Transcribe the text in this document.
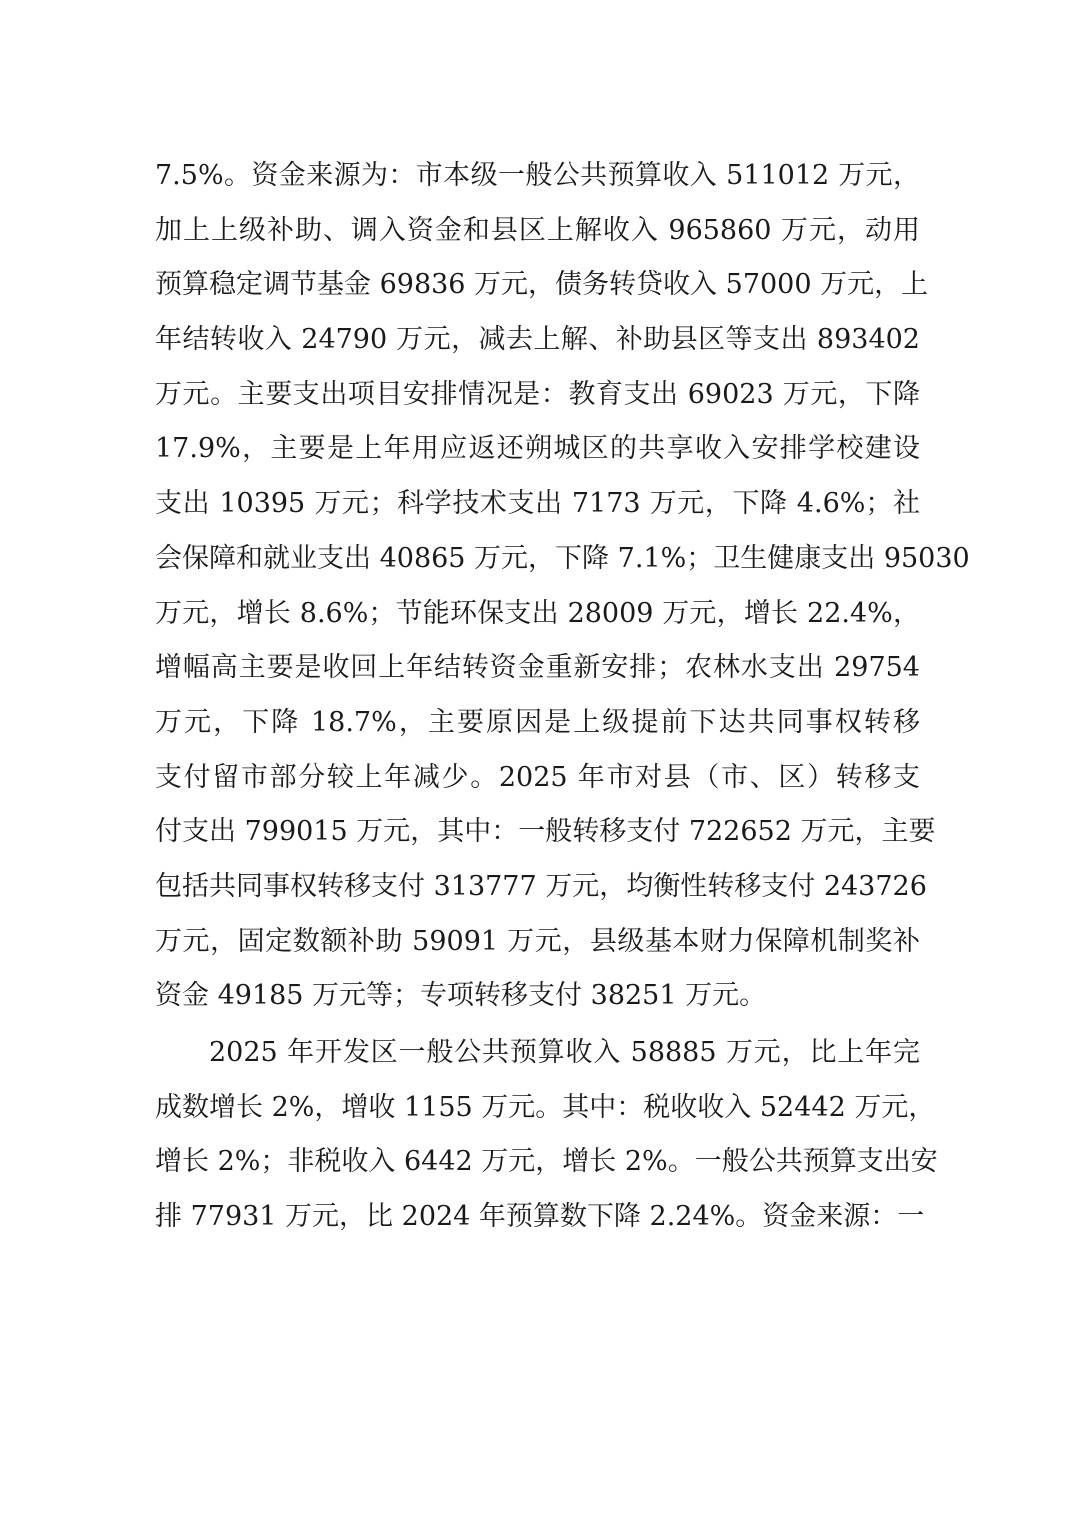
7.5%。资金来源为：市本级一般公共预算收入 511012 万元，
加上上级补助、调入资金和县区上解收入 965860 万元，动用
预算稳定调节基金 69836 万元，债务转贷收入 57000 万元，上
年结转收入 24790 万元，减去上解、补助县区等支出 893402
万元。主要支出项目安排情况是：教育支出 69023 万元，下降
17.9%，主要是上年用应返还朔城区的共享收入安排学校建设
支出 10395 万元；科学技术支出 7173 万元，下降 4.6%；社
会保障和就业支出 40865 万元，下降 7.1%；卫生健康支出 95030
万元，增长 8.6%；节能环保支出 28009 万元，增长 22.4%，
增幅高主要是收回上年结转资金重新安排；农林水支出 29754
万元，下降 18.7%，主要原因是上级提前下达共同事权转移
支付留市部分较上年减少。2025 年市对县（市、区）转移支
付支出 799015 万元，其中：一般转移支付 722652 万元，主要
包括共同事权转移支付 313777 万元，均衡性转移支付 243726
万元，固定数额补助 59091 万元，县级基本财力保障机制奖补
资金 49185 万元等；专项转移支付 38251 万元。
2025 年开发区一般公共预算收入 58885 万元，比上年完
成数增长 2%，增收 1155 万元。其中：税收收入 52442 万元，
增长 2%；非税收入 6442 万元，增长 2%。一般公共预算支出安
排 77931 万元，比 2024 年预算数下降 2.24%。资金来源：一
